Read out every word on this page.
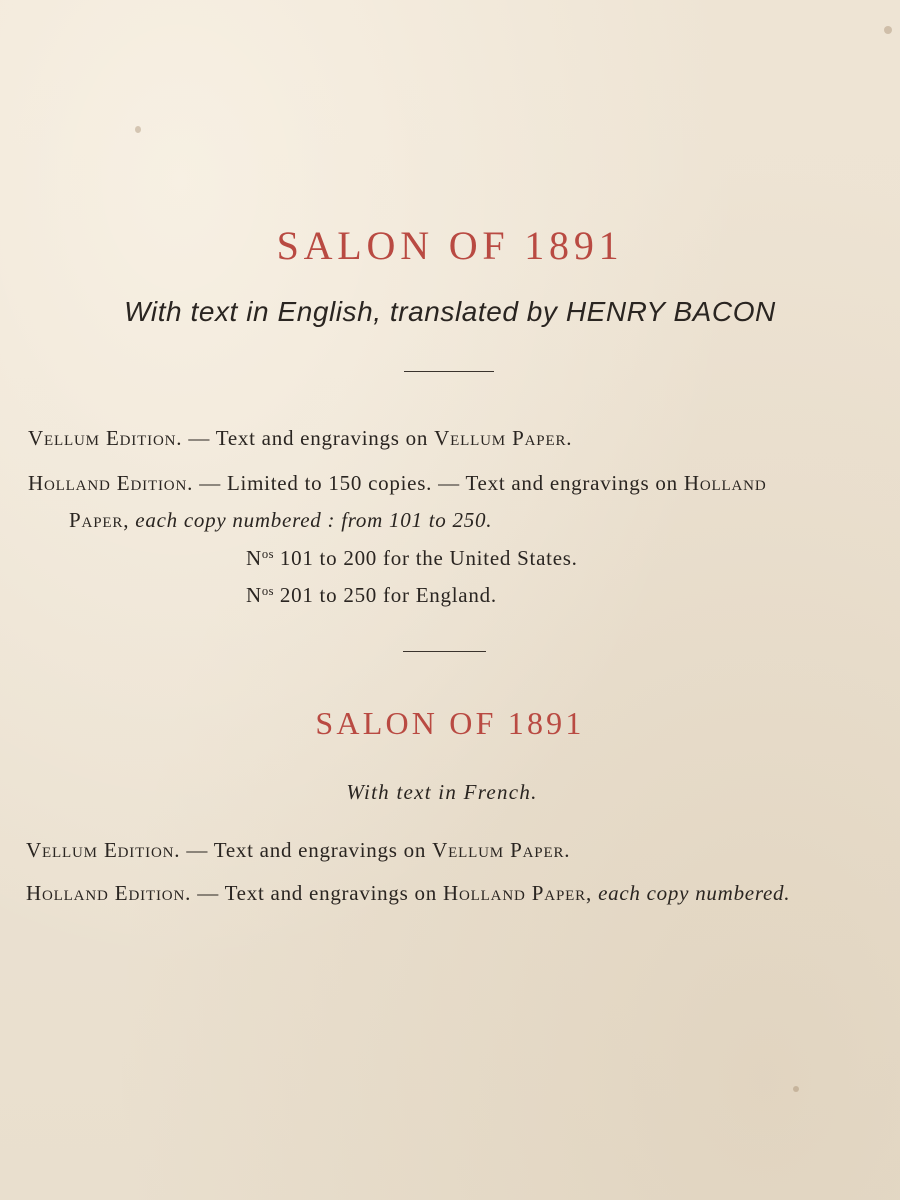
SALON OF 1891
With text in English, translated by HENRY BACON
Vellum Edition. — Text and engravings on Vellum Paper.
Holland Edition. — Limited to 150 copies. — Text and engravings on Holland
Paper, each copy numbered : from 101 to 250.
$N^{os}$ 101 to 200 for the United States.
$N^{os}$ 201 to 250 for England.
SALON OF 1891
With text in French.
Vellum Edition. — Text and engravings on Vellum Paper.
Holland Edition. — Text and engravings on Holland Paper, each copy numbered.
